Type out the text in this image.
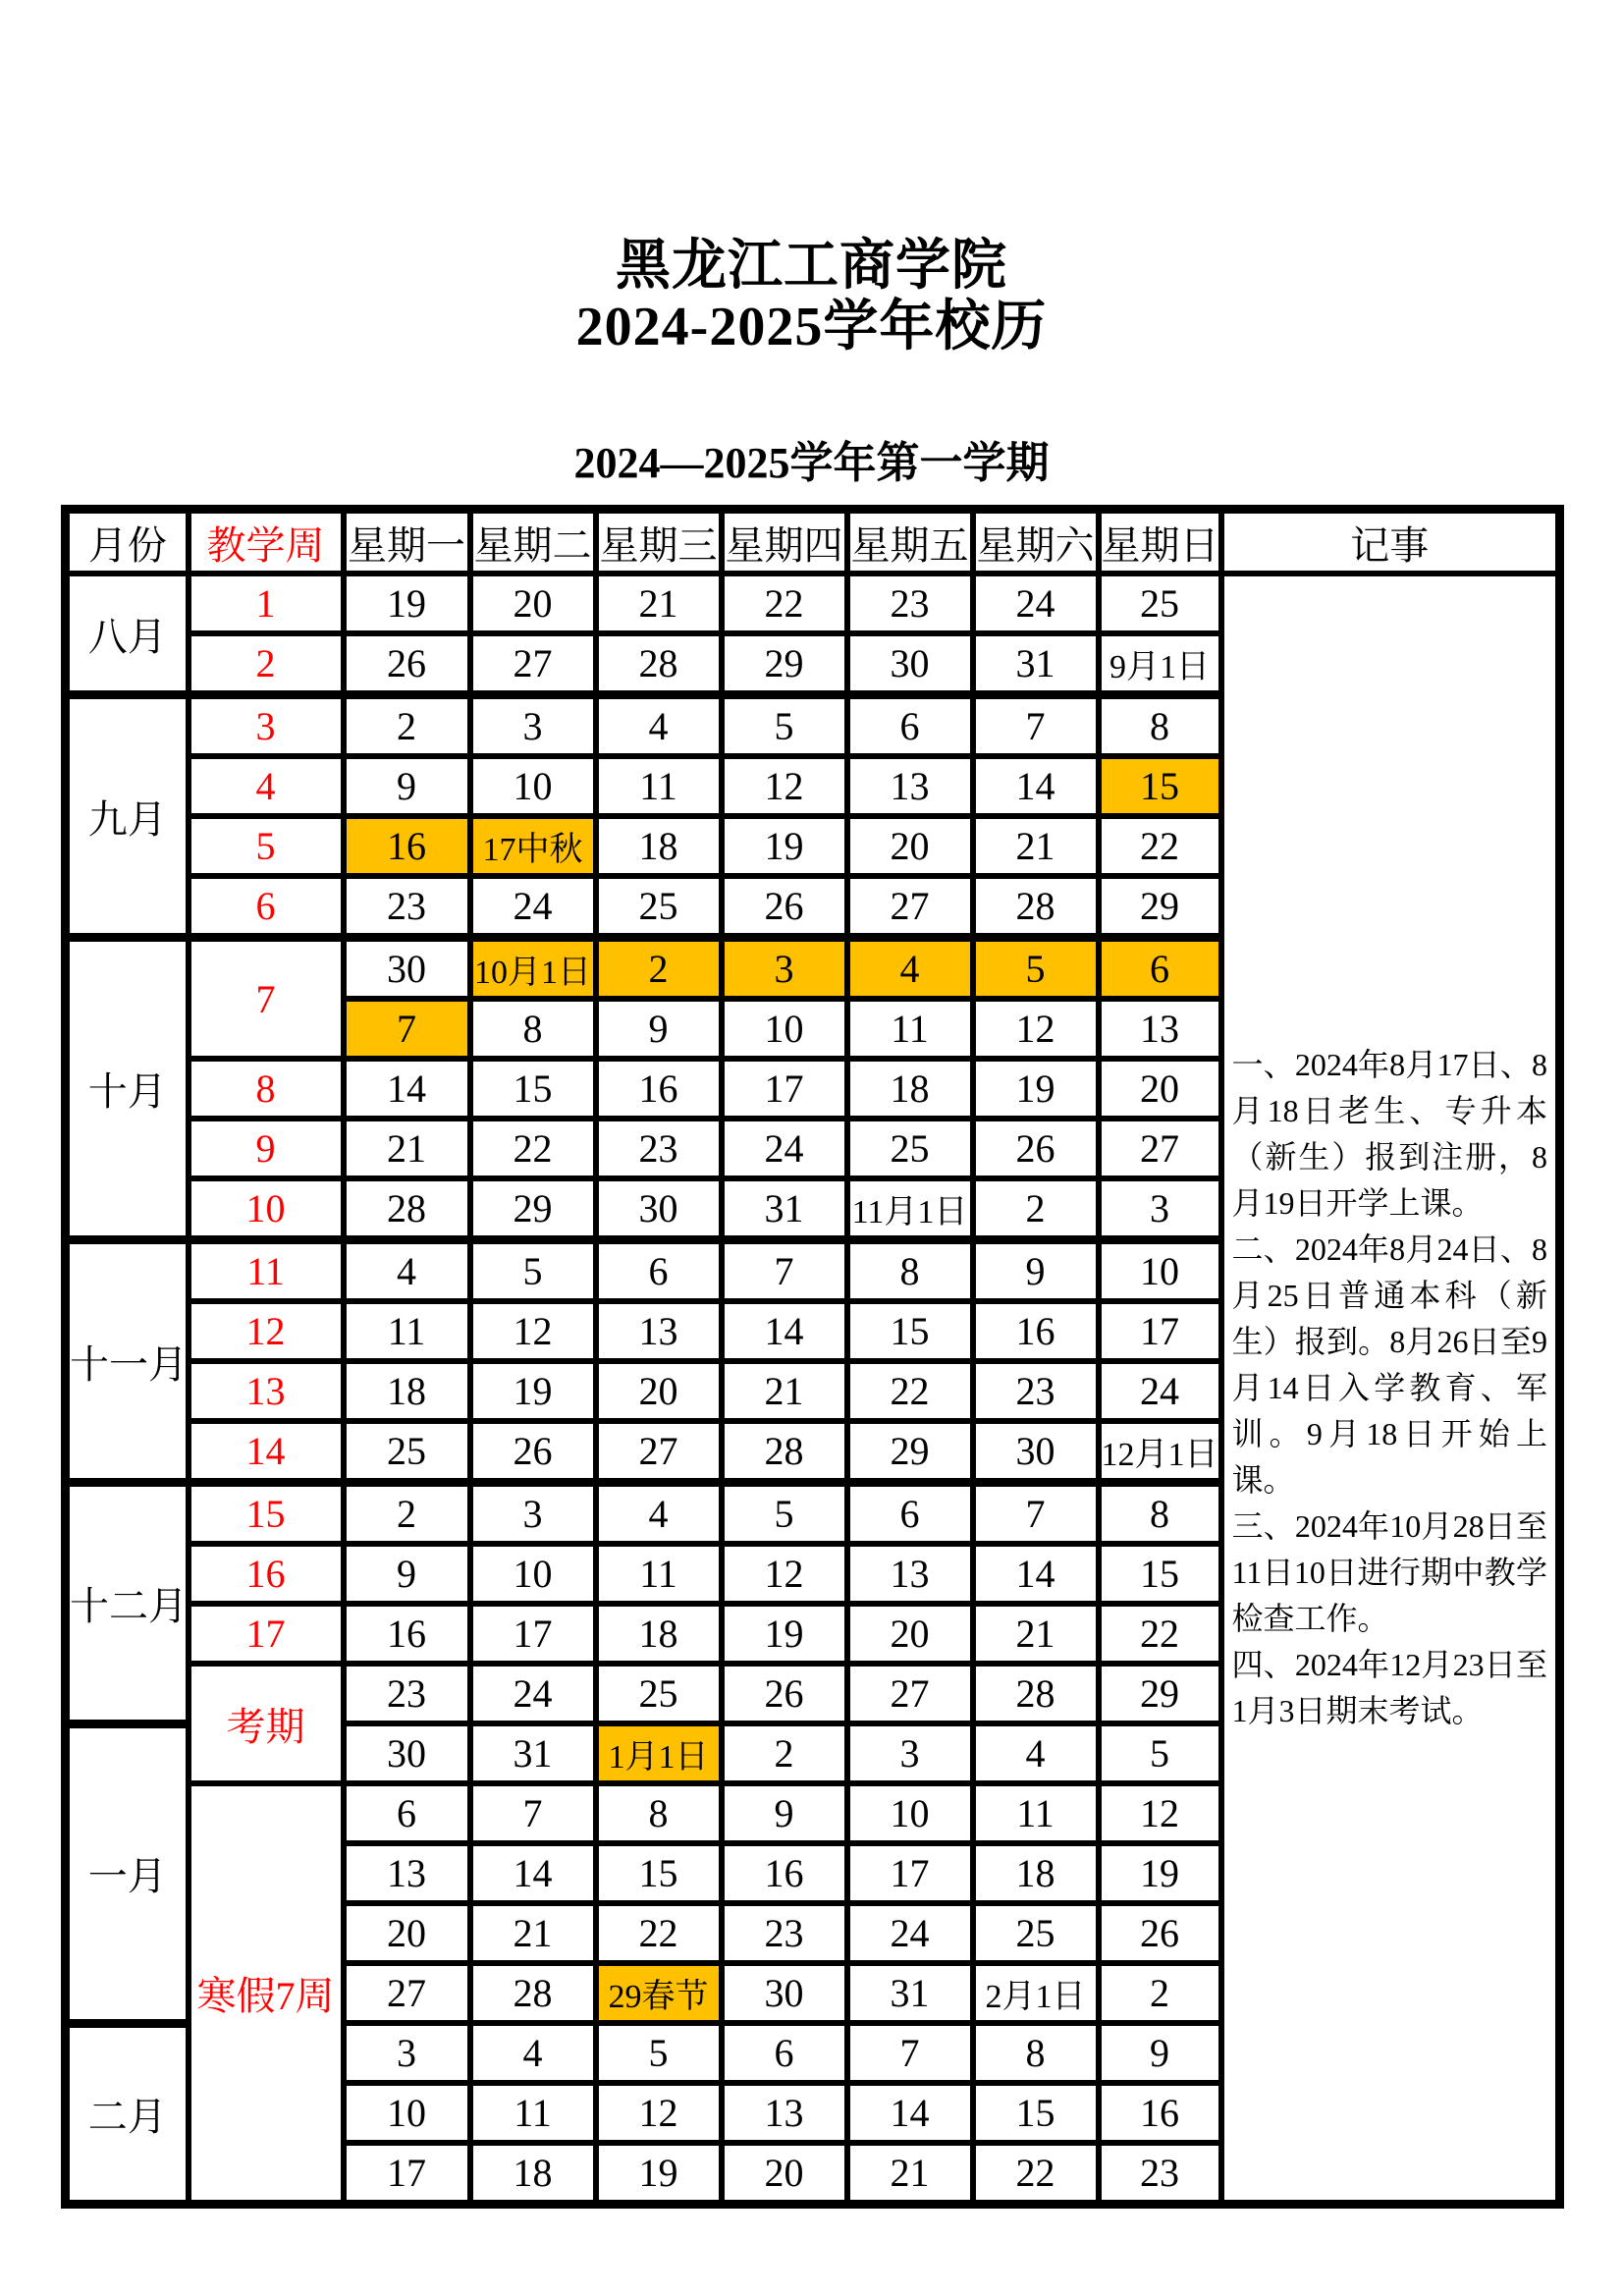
黑龙江工商学院
2024-2025学年校历
2024—2025学年第一学期
月份	教学周	星期一	星期二	星期三	星期四	星期五	星期六	星期日	记事
八月	1	19	20	21	22	23	24	25	一、2024年8月17日、8月18日老生、专升本（新生）报到注册，8月19日开学上课。
二、2024年8月24日、8月25日普通本科（新生）报到。8月26日至9月14日入学教育、军训。9月18日开始上课。
三、2024年10月28日至11日10日进行期中教学检查工作。
四、2024年12月23日至1月3日期末考试。

	2	26	27	28	29	30	31	9月1日	
九月	3	2	3	4	5	6	7	8	
	4	9	10	11	12	13	14	15	
	5	16	17中秋	18	19	20	21	22	
	6	23	24	25	26	27	28	29	
十月	7	30	10月1日	2	3	4	5	6	
		7	8	9	10	11	12	13	
	8	14	15	16	17	18	19	20	
	9	21	22	23	24	25	26	27	
	10	28	29	30	31	11月1日	2	3	
十一月	11	4	5	6	7	8	9	10	
	12	11	12	13	14	15	16	17	
	13	18	19	20	21	22	23	24	
	14	25	26	27	28	29	30	12月1日	
十二月	15	2	3	4	5	6	7	8	
	16	9	10	11	12	13	14	15	
	17	16	17	18	19	20	21	22	
	考期	23	24	25	26	27	28	29	
一月		30	31	1月1日	2	3	4	5	
	寒假7周	6	7	8	9	10	11	12	
		13	14	15	16	17	18	19	
		20	21	22	23	24	25	26	
		27	28	29春节	30	31	2月1日	2	
二月		3	4	5	6	7	8	9	
		10	11	12	13	14	15	16	
		17	18	19	20	21	22	23	
